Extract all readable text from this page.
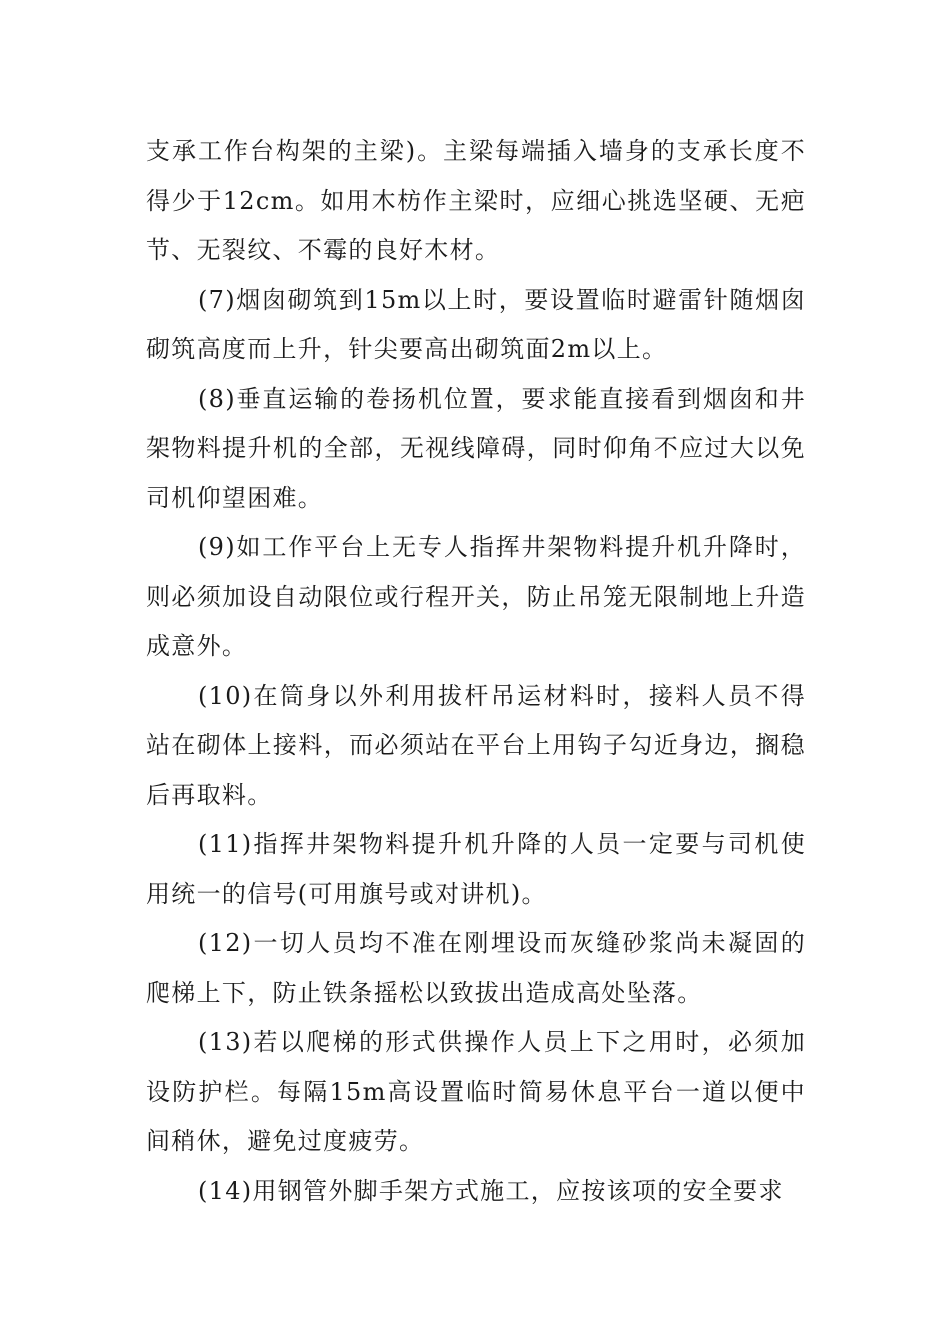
支承工作台构架的主梁)。主梁每端插入墙身的支承长度不得少于12cm。如用木枋作主梁时，应细心挑选坚硬、无疤节、无裂纹、不霉的良好木材。

(7)烟囱砌筑到15m以上时，要设置临时避雷针随烟囱砌筑高度而上升，针尖要高出砌筑面2m以上。

(8)垂直运输的卷扬机位置，要求能直接看到烟囱和井架物料提升机的全部，无视线障碍，同时仰角不应过大以免司机仰望困难。

(9)如工作平台上无专人指挥井架物料提升机升降时，则必须加设自动限位或行程开关，防止吊笼无限制地上升造成意外。

(10)在筒身以外利用拔杆吊运材料时，接料人员不得站在砌体上接料，而必须站在平台上用钩子勾近身边，搁稳后再取料。

(11)指挥井架物料提升机升降的人员一定要与司机使用统一的信号(可用旗号或对讲机)。

(12)一切人员均不准在刚埋设而灰缝砂浆尚未凝固的爬梯上下，防止铁条摇松以致拔出造成高处坠落。

(13)若以爬梯的形式供操作人员上下之用时，必须加设防护栏。每隔15m高设置临时简易休息平台一道以便中间稍休，避免过度疲劳。

(14)用钢管外脚手架方式施工，应按该项的安全要求
